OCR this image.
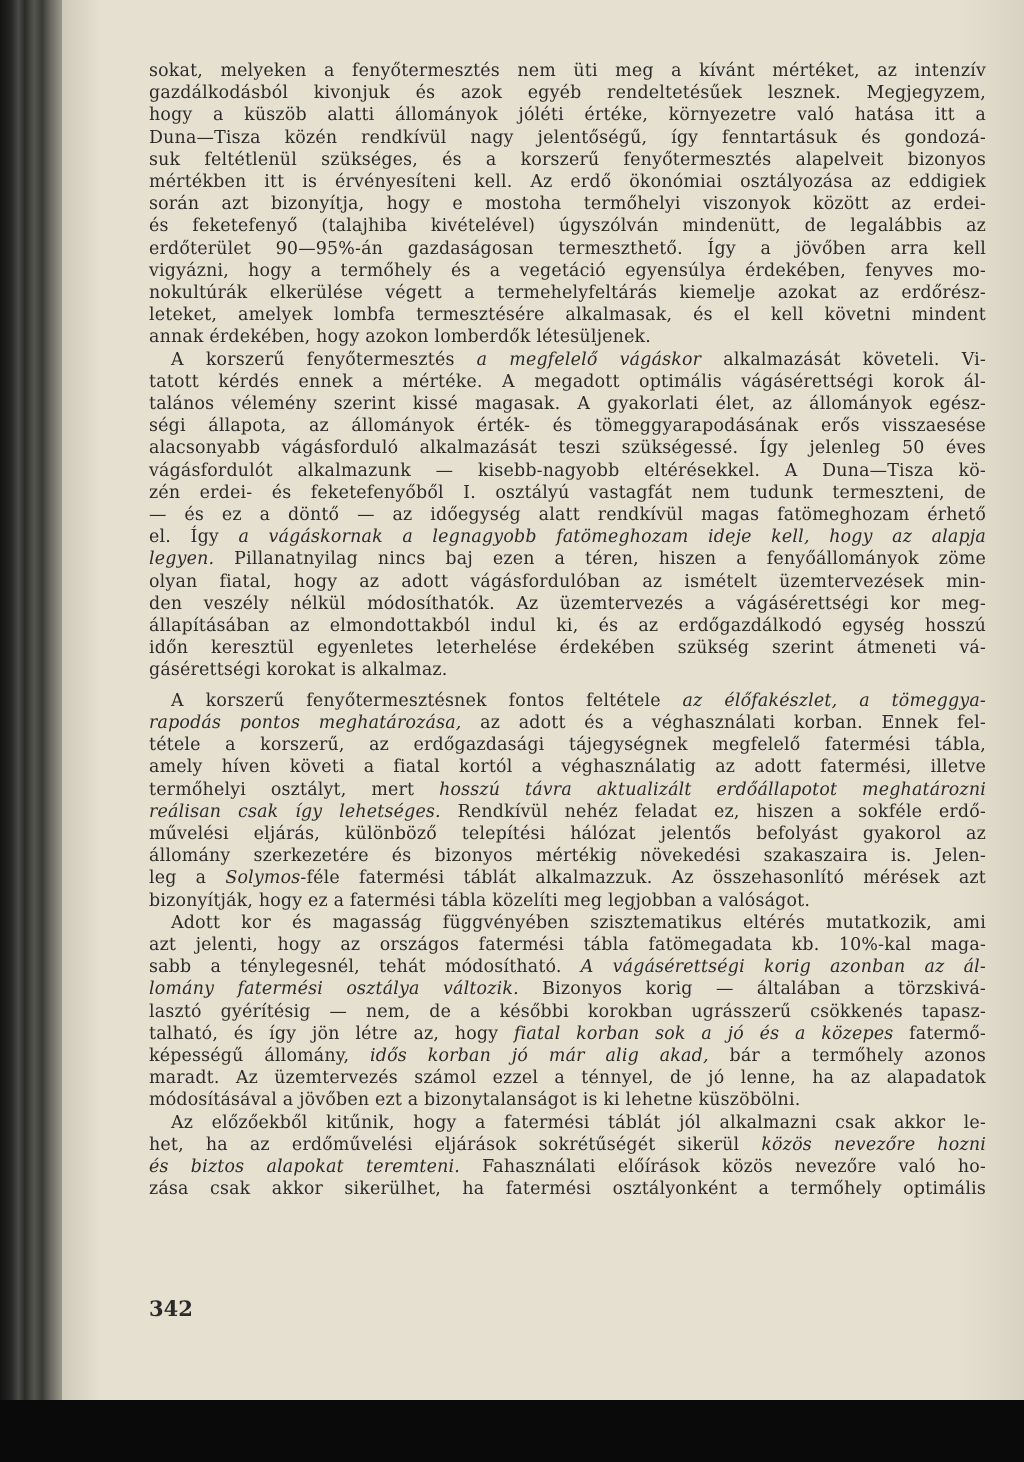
sokat, melyeken a fenyőtermesztés nem üti meg a kívánt mértéket, az intenzív

gazdálkodásból kivonjuk és azok egyéb rendeltetésűek lesznek. Megjegyzem,

hogy a küszöb alatti állományok jóléti értéke, környezetre való hatása itt a

Duna—Tisza közén rendkívül nagy jelentőségű, így fenntartásuk és gondozá-

suk feltétlenül szükséges, és a korszerű fenyőtermesztés alapelveit bizonyos

mértékben itt is érvényesíteni kell. Az erdő ökonómiai osztályozása az eddigiek

során azt bizonyítja, hogy e mostoha termőhelyi viszonyok között az erdei-

és feketefenyő (talajhiba kivételével) úgyszólván mindenütt, de legalábbis az

erdőterület 90—95%-án gazdaságosan termeszthető. Így a jövőben arra kell

vigyázni, hogy a termőhely és a vegetáció egyensúlya érdekében, fenyves mo-

nokultúrák elkerülése végett a termehelyfeltárás kiemelje azokat az erdőrész-

leteket, amelyek lombfa termesztésére alkalmasak, és el kell követni mindent

annak érdekében, hogy azokon lomberdők létesüljenek.

A korszerű fenyőtermesztés a megfelelő vágáskor alkalmazását követeli. Vi-

tatott kérdés ennek a mértéke. A megadott optimális vágásérettségi korok ál-

talános vélemény szerint kissé magasak. A gyakorlati élet, az állományok egész-

ségi állapota, az állományok érték- és tömeggyarapodásának erős visszaesése

alacsonyabb vágásforduló alkalmazását teszi szükségessé. Így jelenleg 50 éves

vágásfordulót alkalmazunk — kisebb-nagyobb eltérésekkel. A Duna—Tisza kö-

zén erdei- és feketefenyőből I. osztályú vastagfát nem tudunk termeszteni, de

— és ez a döntő — az időegység alatt rendkívül magas fatömeghozam érhető

el. Így a vágáskornak a legnagyobb fatömeghozam ideje kell, hogy az alapja

legyen. Pillanatnyilag nincs baj ezen a téren, hiszen a fenyőállományok zöme

olyan fiatal, hogy az adott vágásfordulóban az ismételt üzemtervezések min-

den veszély nélkül módosíthatók. Az üzemtervezés a vágásérettségi kor meg-

állapításában az elmondottakból indul ki, és az erdőgazdálkodó egység hosszú

időn keresztül egyenletes leterhelése érdekében szükség szerint átmeneti vá-

gásérettségi korokat is alkalmaz.

A korszerű fenyőtermesztésnek fontos feltétele az élőfakészlet, a tömeggya-

rapodás pontos meghatározása, az adott és a véghasználati korban. Ennek fel-

tétele a korszerű, az erdőgazdasági tájegységnek megfelelő fatermési tábla,

amely híven követi a fiatal kortól a véghasználatig az adott fatermési, illetve

termőhelyi osztályt, mert hosszú távra aktualizált erdőállapotot meghatározni

reálisan csak így lehetséges. Rendkívül nehéz feladat ez, hiszen a sokféle erdő-

művelési eljárás, különböző telepítési hálózat jelentős befolyást gyakorol az

állomány szerkezetére és bizonyos mértékig növekedési szakaszaira is. Jelen-

leg a Solymos-féle fatermési táblát alkalmazzuk. Az összehasonlító mérések azt

bizonyítják, hogy ez a fatermési tábla közelíti meg legjobban a valóságot.

Adott kor és magasság függvényében szisztematikus eltérés mutatkozik, ami

azt jelenti, hogy az országos fatermési tábla fatömegadata kb. 10%-kal maga-

sabb a ténylegesnél, tehát módosítható. A vágásérettségi korig azonban az ál-

lomány fatermési osztálya változik. Bizonyos korig — általában a törzskivá-

lasztó gyérítésig — nem, de a későbbi korokban ugrásszerű csökkenés tapasz-

talható, és így jön létre az, hogy fiatal korban sok a jó és a közepes fatermő-

képességű állomány, idős korban jó már alig akad, bár a termőhely azonos

maradt. Az üzemtervezés számol ezzel a ténnyel, de jó lenne, ha az alapadatok

módosításával a jövőben ezt a bizonytalanságot is ki lehetne küszöbölni.

Az előzőekből kitűnik, hogy a fatermési táblát jól alkalmazni csak akkor le-

het, ha az erdőművelési eljárások sokrétűségét sikerül közös nevezőre hozni

és biztos alapokat teremteni. Fahasználati előírások közös nevezőre való ho-

zása csak akkor sikerülhet, ha fatermési osztályonként a termőhely optimális

342
